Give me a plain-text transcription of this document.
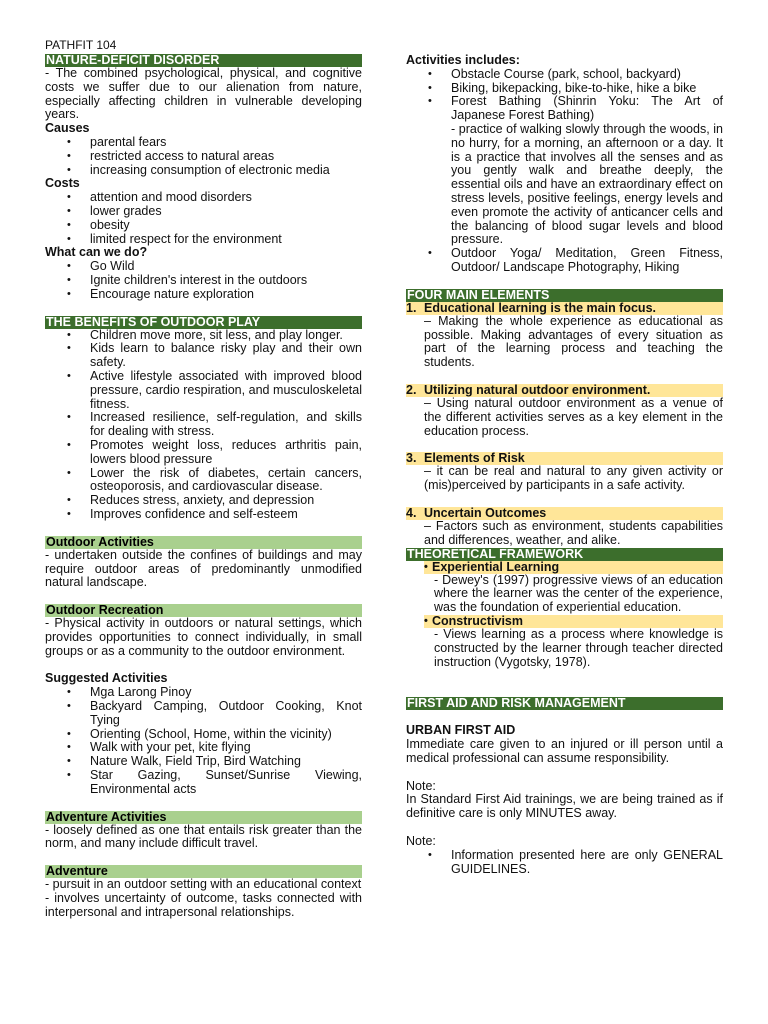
PATHFIT 104
NATURE-DEFICIT DISORDER

- The combined psychological, physical, and cognitive costs we suffer due to our alienation from nature, especially affecting children in vulnerable developing years.

Causes
• parental fears
• restricted access to natural areas
• increasing consumption of electronic media
Costs
• attention and mood disorders
• lower grades
• obesity
• limited respect for the environment
What can we do?
• Go Wild
• Ignite children's interest in the outdoors
• Encourage nature exploration
THE BENEFITS OF OUTDOOR PLAY
• Children move more, sit less, and play longer.
• Kids learn to balance risky play and their own safety.
• Active lifestyle associated with improved blood pressure, cardio respiration, and musculoskeletal fitness.
• Increased resilience, self-regulation, and skills for dealing with stress.
• Promotes weight loss, reduces arthritis pain, lowers blood pressure
• Lower the risk of diabetes, certain cancers, osteoporosis, and cardiovascular disease.
• Reduces stress, anxiety, and depression
• Improves confidence and self-esteem
Outdoor Activities

- undertaken outside the confines of buildings and may require outdoor areas of predominantly unmodified natural landscape.

Outdoor Recreation

- Physical activity in outdoors or natural settings, which provides opportunities to connect individually, in small groups or as a community to the outdoor environment.

Suggested Activities
• Mga Larong Pinoy
• Backyard Camping, Outdoor Cooking, Knot Tying
• Orienting (School, Home, within the vicinity)
• Walk with your pet, kite flying
• Nature Walk, Field Trip, Bird Watching
• Star Gazing, Sunset/Sunrise Viewing, Environmental acts
Adventure Activities

- loosely defined as one that entails risk greater than the norm, and many include difficult travel.

Adventure

- pursuit in an outdoor setting with an educational context

- involves uncertainty of outcome, tasks connected with interpersonal and intrapersonal relationships.

Activities includes:
• Obstacle Course (park, school, backyard)
• Biking, bikepacking, bike-to-hike, hike a bike
• Forest Bathing (Shinrin Yoku: The Art of Japanese Forest Bathing)
- practice of walking slowly through the woods, in no hurry, for a morning, an afternoon or a day. It is a practice that involves all the senses and as you gently walk and breathe deeply, the essential oils and have an extraordinary effect on stress levels, positive feelings, energy levels and even promote the activity of anticancer cells and the balancing of blood sugar levels and blood pressure.
• Outdoor Yoga/ Meditation, Green Fitness, Outdoor/ Landscape Photography, Hiking
FOUR MAIN ELEMENTS
1. Educational learning is the main focus.

– Making the whole experience as educational as possible. Making advantages of every situation as part of the learning process and teaching the students.

2. Utilizing natural outdoor environment.

– Using natural outdoor environment as a venue of the different activities serves as a key element in the education process.

3. Elements of Risk

– it can be real and natural to any given activity or (mis)perceived by participants in a safe activity.

4. Uncertain Outcomes

– Factors such as environment, students capabilities and differences, weather, and alike.

THEORETICAL FRAMEWORK
• Experiential Learning

- Dewey's (1997) progressive views of an education where the learner was the center of the experience, was the foundation of experiential education.

• Constructivism

- Views learning as a process where knowledge is constructed by the learner through teacher directed instruction (Vygotsky, 1978).

FIRST AID AND RISK MANAGEMENT
URBAN FIRST AID

Immediate care given to an injured or ill person until a medical professional can assume responsibility.

Note:

In Standard First Aid trainings, we are being trained as if definitive care is only MINUTES away.

Note:
• Information presented here are only GENERAL GUIDELINES.
